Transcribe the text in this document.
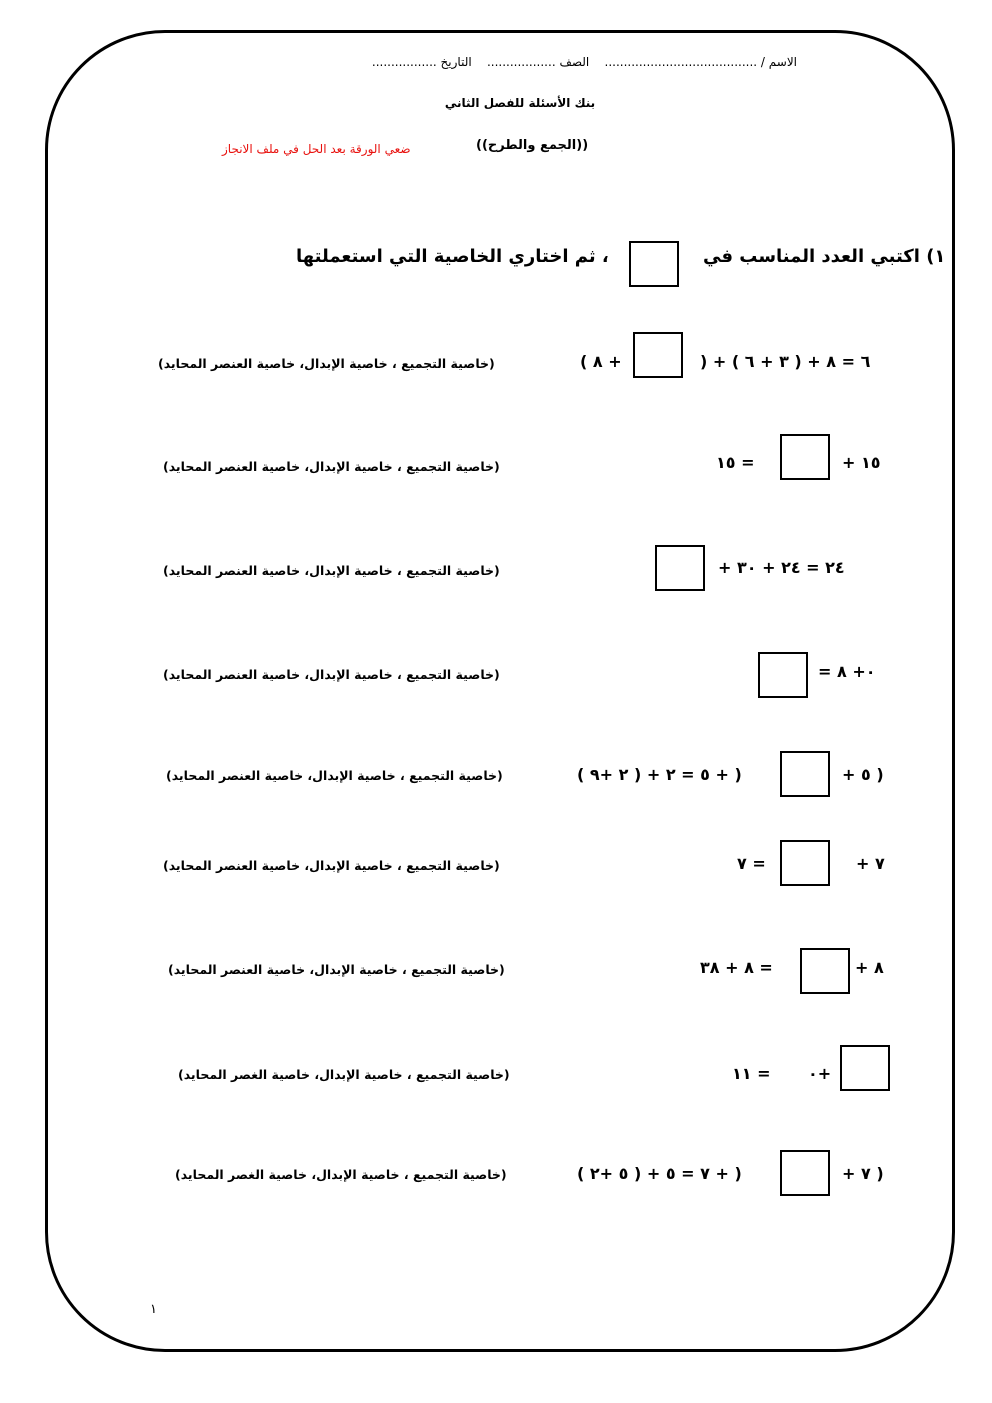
الاسم / ........................................    الصف ..................    التاريخ .................
بنك الأسئلة للفصل الثاني
((الجمع والطرح))
ضعي الورقة بعد الحل في ملف الانجاز
١) اكتبي العدد المناسب في
، ثم اختاري الخاصية التي استعملتها
( ٨ +	) + ٦ = ٨ + ( ٣ + ٦ )
(خاصية التجميع ، خاصية الإبدال، خاصية العنصر المحايد)
١٥ =	+ ١٥
(خاصية التجميع ، خاصية الإبدال، خاصية العنصر المحايد)
+ ٢٤ = ٢٤ + ٣٠
(خاصية التجميع ، خاصية الإبدال، خاصية العنصر المحايد)
= ٠+ ٨
(خاصية التجميع ، خاصية الإبدال، خاصية العنصر المحايد)
( ٢ +٩ ) + ٥ = ٢ + )	+ ٥ )
(خاصية التجميع ، خاصية الإبدال، خاصية العنصر المحايد)
٧ =	+ ٧
(خاصية التجميع ، خاصية الإبدال، خاصية العنصر المحايد)
٨ + ٣٨ =	+ ٨
(خاصية التجميع ، خاصية الإبدال، خاصية العنصر المحايد)
١١ = ٠+
(خاصية التجميع ، خاصية الإبدال، خاصية الغصر المحايد)
( ٥ +٢ ) + ٧ = ٥ + )	+ ٧ )
(خاصية التجميع ، خاصية الإبدال، خاصية الغصر المحايد)
١
